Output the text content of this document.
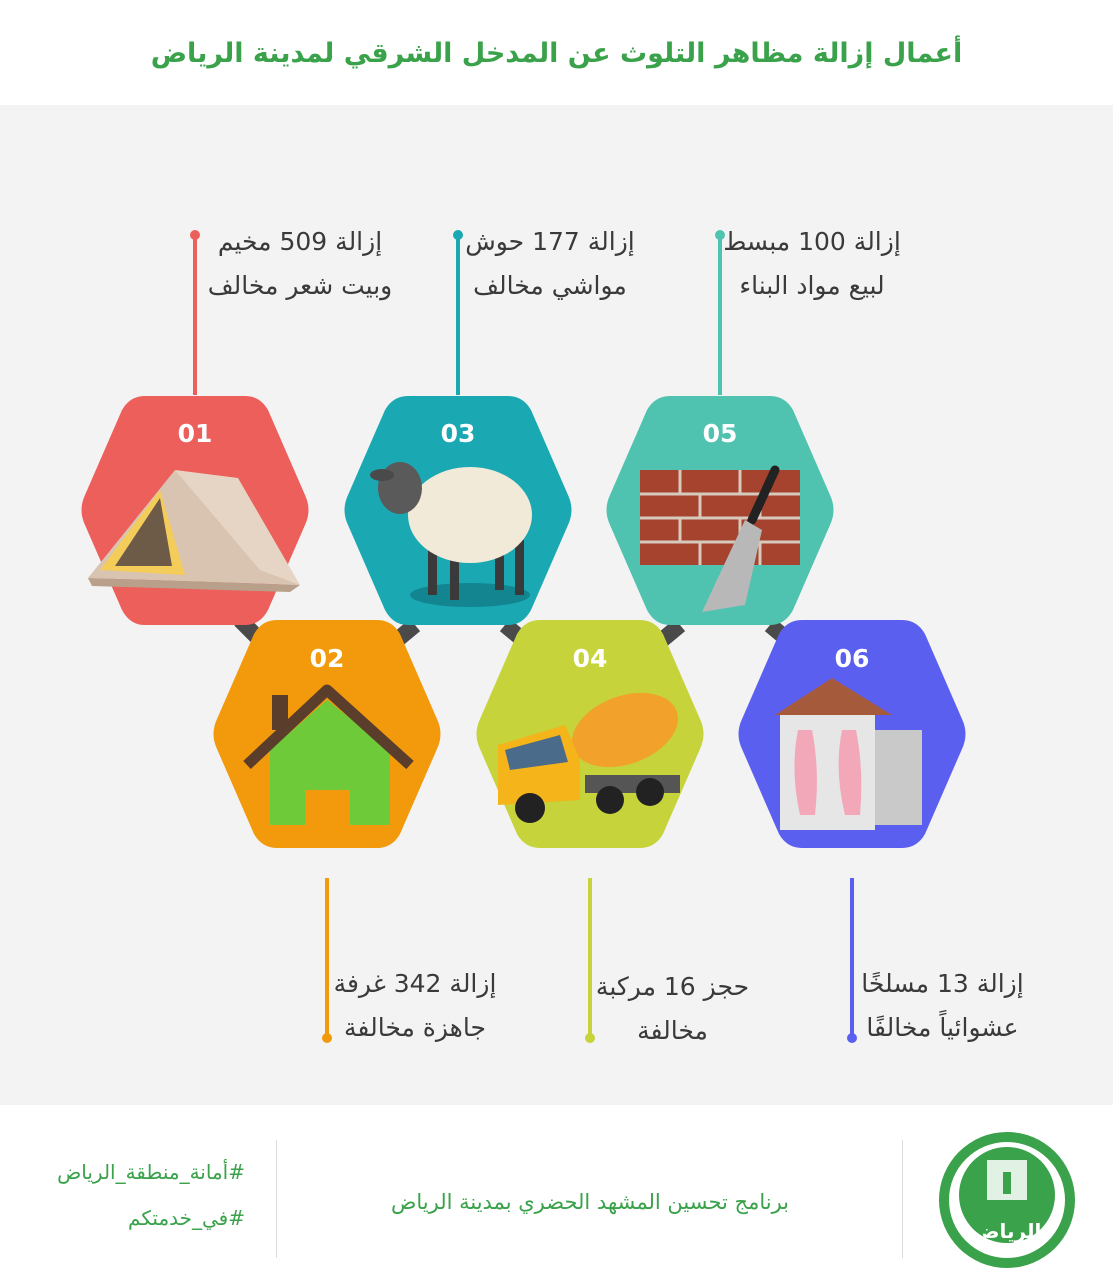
أعمال إزالة مظاهر التلوث عن المدخل الشرقي لمدينة الرياض
01	03	05
02	04	06
الرياض
إزالة 509 مخيم
وبيت شعر مخالف
إزالة 177 حوش
مواشي مخالف
إزالة 100 مبسط
لبيع مواد البناء
إزالة 342 غرفة
جاهزة مخالفة
حجز 16 مركبة
مخالفة
إزالة 13 مسلخًا
عشوائياً مخالفًا
برنامج تحسين المشهد الحضري بمدينة الرياض
#أمانة_منطقة_الرياض
#في_خدمتكم
